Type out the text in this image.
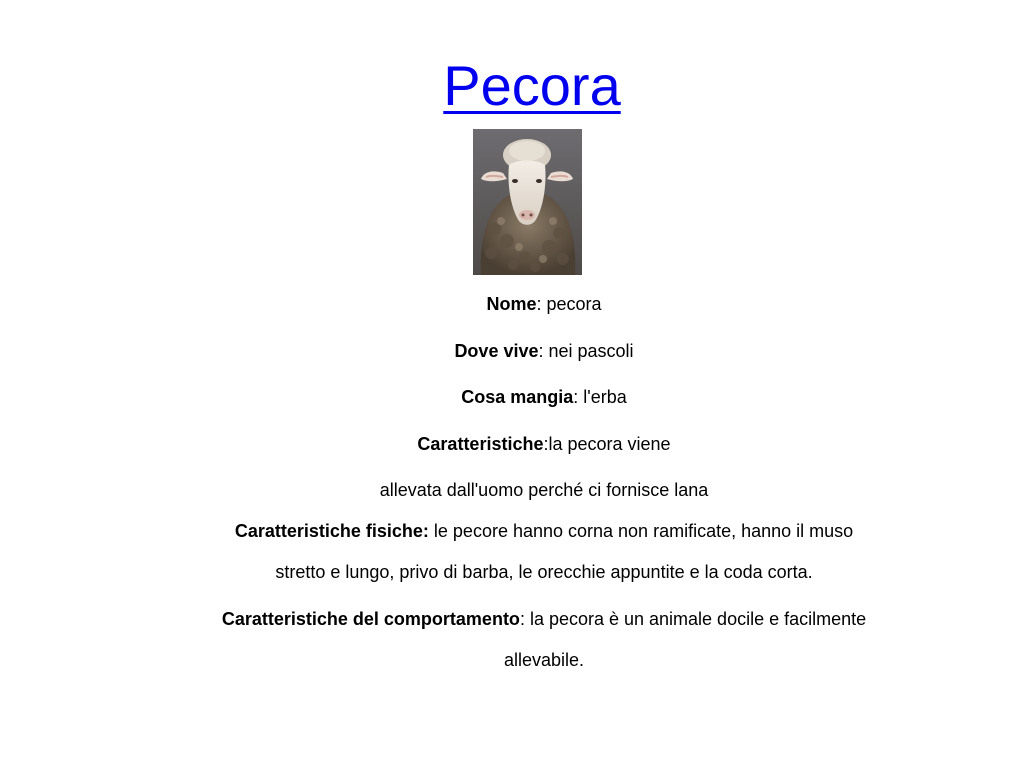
Pecora
Nome: pecora
Dove vive: nei pascoli
Cosa mangia: l'erba
Caratteristiche:la pecora viene
allevata dall'uomo perché ci fornisce lana
Caratteristiche fisiche: le pecore hanno corna non ramificate, hanno il muso
stretto e lungo, privo di barba, le orecchie appuntite e la coda corta.
Caratteristiche del comportamento: la pecora è un animale docile e facilmente
allevabile.
